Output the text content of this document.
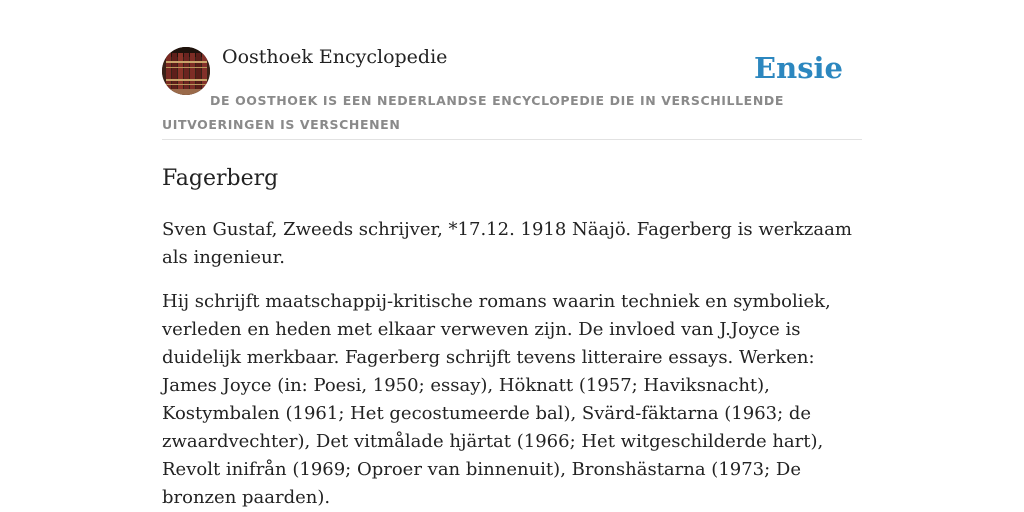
Oosthoek Encyclopedie	Ensie
DE OOSTHOEK IS EEN NEDERLANDSE ENCYCLOPEDIE DIE IN VERSCHILLENDE UITVOERINGEN IS VERSCHENEN
Fagerberg

Sven Gustaf, Zweeds schrijver, *17.12. 1918 Näajö. Fagerberg is werkzaam als ingenieur.

Hij schrijft maatschappij-kritische romans waarin techniek en symboliek, verleden en heden met elkaar verweven zijn. De invloed van J.Joyce is duidelijk merkbaar. Fagerberg schrijft tevens litteraire essays. Werken: James Joyce (in: Poesi, 1950; essay), Höknatt (1957; Haviksnacht), Kostymbalen (1961; Het gecostumeerde bal), Svärd-fäktarna (1963; de zwaardvechter), Det vitmålade hjärtat (1966; Het witgeschilderde hart), Revolt inifrån (1969; Oproer van binnenuit), Bronshästarna (1973; De bronzen paarden).
